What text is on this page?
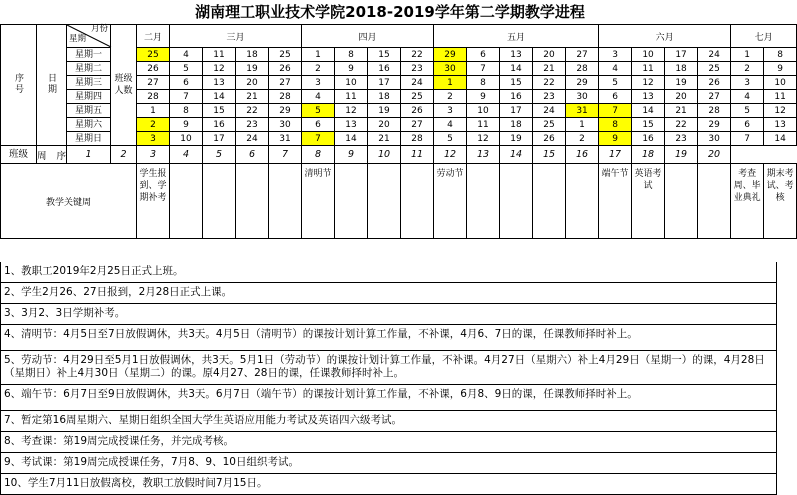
湖南理工职业技术学院2018-2019学年第二学期教学进程
序号	日期	月份
星期	班级人数	二月	三月				四月				五月					六月				七月	
		星期一		25	4	11	18	25	1	8	15	22	29	6	13	20	27	3	10	17	24	1	8
		星期二		26	5	12	19	26	2	9	16	23	30	7	14	21	28	4	11	18	25	2	9
		星期三		27	6	13	20	27	3	10	17	24	1	8	15	22	29	5	12	19	26	3	10
		星期四		28	7	14	21	28	4	11	18	25	2	9	16	23	30	6	13	20	27	4	11
		星期五		1	8	15	22	29	5	12	19	26	3	10	17	24	31	7	14	21	28	5	12
		星期六		2	9	16	23	30	6	13	20	27	4	11	18	25	1	8	15	22	29	6	13
		星期日		3	10	17	24	31	7	14	21	28	5	12	19	26	2	9	16	23	30	7	14
班级	周序	1	2	3	4	5	6	7	8	9	10	11	12	13	14	15	16	17	18	19	20		
教学关键周				学生报到、学期补考					清明节				劳动节					端午节	英语考试			考查周、毕业典礼	期末考试、考核
1、教职工2019年2月25日正式上班。
2、学生2月26、27日报到，2月28日正式上课。
3、3月2、3日学期补考。
4、清明节：4月5日至7日放假调休，共3天。4月5日（清明节）的课按计划计算工作量，不补课，4月6、7日的课，任课教师择时补上。
5、劳动节：4月29日至5月1日放假调休，共3天。5月1日（劳动节）的课按计划计算工作量，不补课。4月27日（星期六）补上4月29日（星期一）的课，4月28日（星期日）补上4月30日（星期二）的课。原4月27、28日的课，任课教师择时补上。
6、端午节：6月7日至9日放假调休，共3天。6月7日（端午节）的课按计划计算工作量，不补课，6月8、9日的课，任课教师择时补上。
7、暂定第16周星期六、星期日组织全国大学生英语应用能力考试及英语四六级考试。
8、考查课：第19周完成授课任务，并完成考核。
9、考试课：第19周完成授课任务，7月8、9、10日组织考试。
10、学生7月11日放假离校，教职工放假时间7月15日。
